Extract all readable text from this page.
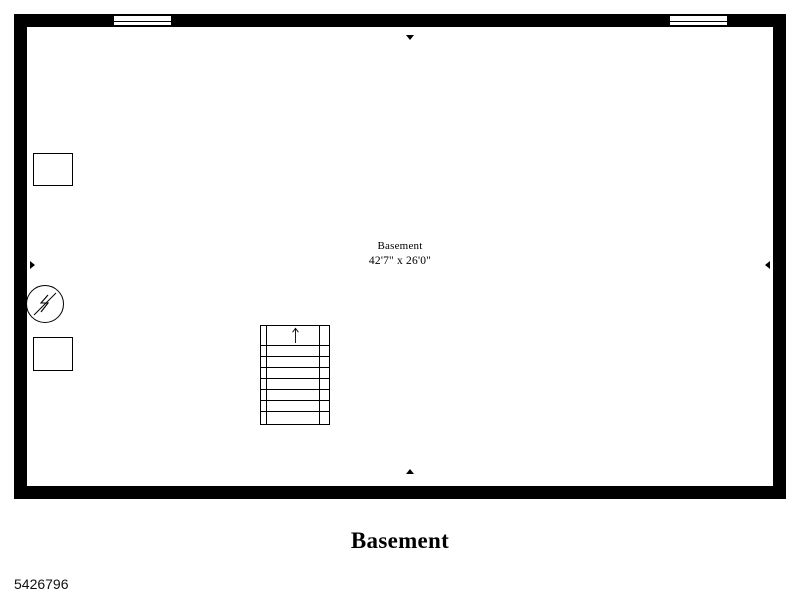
Basement
42'7" x 26'0"
Basement
5426796
